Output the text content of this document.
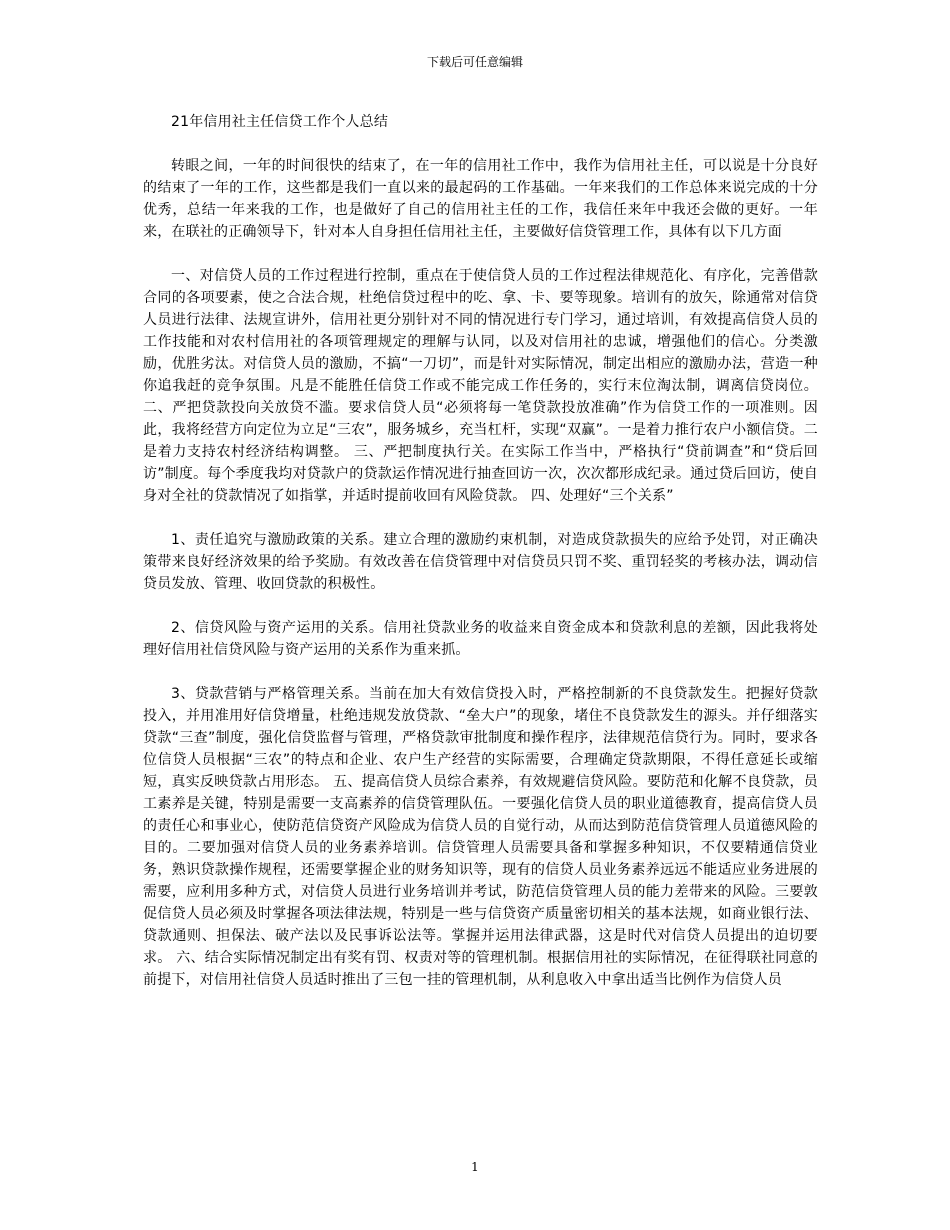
下载后可任意编辑
21年信用社主任信贷工作个人总结

转眼之间，一年的时间很快的结束了，在一年的信用社工作中，我作为信用社主任，可以说是十分良好的结束了一年的工作，这些都是我们一直以来的最起码的工作基础。一年来我们的工作总体来说完成的十分优秀，总结一年来我的工作，也是做好了自己的信用社主任的工作，我信任来年中我还会做的更好。一年来，在联社的正确领导下，针对本人自身担任信用社主任，主要做好信贷管理工作，具体有以下几方面

一、对信贷人员的工作过程进行控制，重点在于使信贷人员的工作过程法律规范化、有序化，完善借款合同的各项要素，使之合法合规，杜绝信贷过程中的吃、拿、卡、要等现象。培训有的放矢，除通常对信贷人员进行法律、法规宣讲外，信用社更分别针对不同的情况进行专门学习，通过培训，有效提高信贷人员的工作技能和对农村信用社的各项管理规定的理解与认同，以及对信用社的忠诚，增强他们的信心。分类激励，优胜劣汰。对信贷人员的激励，不搞“一刀切”，而是针对实际情况，制定出相应的激励办法，营造一种你追我赶的竞争氛围。凡是不能胜任信贷工作或不能完成工作任务的，实行末位淘汰制，调离信贷岗位。 二、严把贷款投向关放贷不滥。要求信贷人员“必须将每一笔贷款投放准确”作为信贷工作的一项准则。因此，我将经营方向定位为立足“三农”，服务城乡，充当杠杆，实现“双赢”。一是着力推行农户小额信贷。二是着力支持农村经济结构调整。 三、严把制度执行关。在实际工作当中，严格执行“贷前调查”和“贷后回访”制度。每个季度我均对贷款户的贷款运作情况进行抽查回访一次，次次都形成纪录。通过贷后回访，使自身对全社的贷款情况了如指掌，并适时提前收回有风险贷款。 四、处理好“三个关系”

1、责任追究与激励政策的关系。建立合理的激励约束机制，对造成贷款损失的应给予处罚，对正确决策带来良好经济效果的给予奖励。有效改善在信贷管理中对信贷员只罚不奖、重罚轻奖的考核办法，调动信贷员发放、管理、收回贷款的积极性。

2、信贷风险与资产运用的关系。信用社贷款业务的收益来自资金成本和贷款利息的差额，因此我将处理好信用社信贷风险与资产运用的关系作为重来抓。

3、贷款营销与严格管理关系。当前在加大有效信贷投入时，严格控制新的不良贷款发生。把握好贷款投入，并用准用好信贷增量，杜绝违规发放贷款、“垒大户”的现象，堵住不良贷款发生的源头。并仔细落实贷款“三查”制度，强化信贷监督与管理，严格贷款审批制度和操作程序，法律规范信贷行为。同时，要求各位信贷人员根据“三农”的特点和企业、农户生产经营的实际需要，合理确定贷款期限，不得任意延长或缩短，真实反映贷款占用形态。 五、提高信贷人员综合素养，有效规避信贷风险。要防范和化解不良贷款，员工素养是关键，特别是需要一支高素养的信贷管理队伍。一要强化信贷人员的职业道德教育，提高信贷人员的责任心和事业心，使防范信贷资产风险成为信贷人员的自觉行动，从而达到防范信贷管理人员道德风险的目的。二要加强对信贷人员的业务素养培训。信贷管理人员需要具备和掌握多种知识，不仅要精通信贷业务，熟识贷款操作规程，还需要掌握企业的财务知识等，现有的信贷人员业务素养远远不能适应业务进展的需要，应利用多种方式，对信贷人员进行业务培训并考试，防范信贷管理人员的能力差带来的风险。三要敦促信贷人员必须及时掌握各项法律法规，特别是一些与信贷资产质量密切相关的基本法规，如商业银行法、贷款通则、担保法、破产法以及民事诉讼法等。掌握并运用法律武器，这是时代对信贷人员提出的迫切要求。 六、结合实际情况制定出有奖有罚、权责对等的管理机制。根据信用社的实际情况，在征得联社同意的前提下，对信用社信贷人员适时推出了三包一挂的管理机制，从利息收入中拿出适当比例作为信贷人员

1
